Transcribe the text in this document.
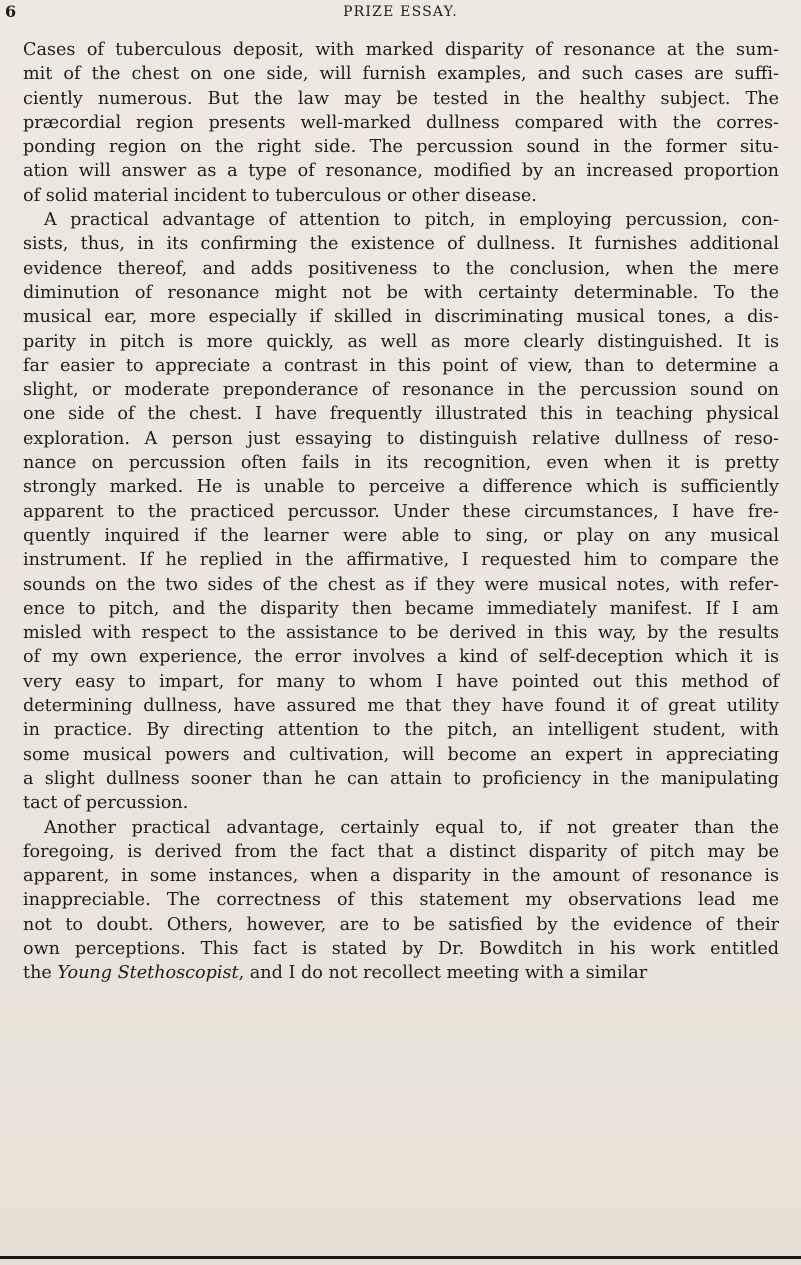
6	PRIZE ESSAY.
Cases of tuberculous deposit, with marked disparity of resonance at the sum-
mit of the chest on one side, will furnish examples, and such cases are suffi-
ciently numerous. But the law may be tested in the healthy subject. The
præcordial region presents well-marked dullness compared with the corres-
ponding region on the right side. The percussion sound in the former situ-
ation will answer as a type of resonance, modified by an increased proportion
of solid material incident to tuberculous or other disease.
A practical advantage of attention to pitch, in employing percussion, con-
sists, thus, in its confirming the existence of dullness. It furnishes additional
evidence thereof, and adds positiveness to the conclusion, when the mere
diminution of resonance might not be with certainty determinable. To the
musical ear, more especially if skilled in discriminating musical tones, a dis-
parity in pitch is more quickly, as well as more clearly distinguished. It is
far easier to appreciate a contrast in this point of view, than to determine a
slight, or moderate preponderance of resonance in the percussion sound on
one side of the chest. I have frequently illustrated this in teaching physical
exploration. A person just essaying to distinguish relative dullness of reso-
nance on percussion often fails in its recognition, even when it is pretty
strongly marked. He is unable to perceive a difference which is sufficiently
apparent to the practiced percussor. Under these circumstances, I have fre-
quently inquired if the learner were able to sing, or play on any musical
instrument. If he replied in the affirmative, I requested him to compare the
sounds on the two sides of the chest as if they were musical notes, with refer-
ence to pitch, and the disparity then became immediately manifest. If I am
misled with respect to the assistance to be derived in this way, by the results
of my own experience, the error involves a kind of self-deception which it is
very easy to impart, for many to whom I have pointed out this method of
determining dullness, have assured me that they have found it of great utility
in practice. By directing attention to the pitch, an intelligent student, with
some musical powers and cultivation, will become an expert in appreciating
a slight dullness sooner than he can attain to proficiency in the manipulating
tact of percussion.
Another practical advantage, certainly equal to, if not greater than the
foregoing, is derived from the fact that a distinct disparity of pitch may be
apparent, in some instances, when a disparity in the amount of resonance is
inappreciable. The correctness of this statement my observations lead me
not to doubt. Others, however, are to be satisfied by the evidence of their
own perceptions. This fact is stated by Dr. Bowditch in his work entitled
the Young Stethoscopist, and I do not recollect meeting with a similar
